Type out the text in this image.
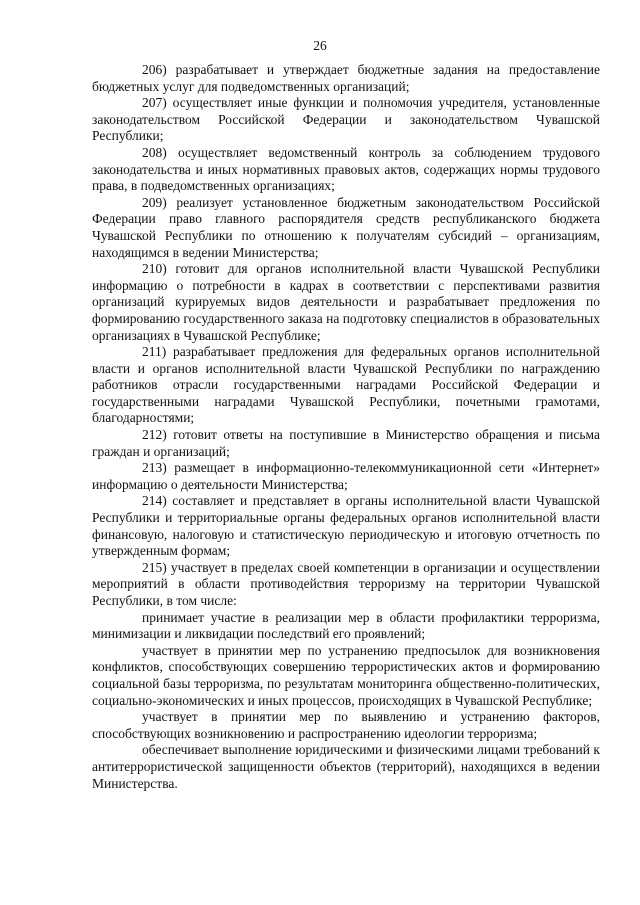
26

206) разрабатывает и утверждает бюджетные задания на предоставление бюджетных услуг для подведомственных организаций;

207) осуществляет иные функции и полномочия учредителя, установленные законодательством Российской Федерации и законодательством Чувашской Республики;

208) осуществляет ведомственный контроль за соблюдением трудового законодательства и иных нормативных правовых актов, содержащих нормы трудового права, в подведомственных организациях;

209) реализует установленное бюджетным законодательством Российской Федерации право главного распорядителя средств республиканского бюджета Чувашской Республики по отношению к получателям субсидий – организациям, находящимся в ведении Министерства;

210) готовит для органов исполнительной власти Чувашской Республики информацию о потребности в кадрах в соответствии с перспективами развития организаций курируемых видов деятельности и разрабатывает предложения по формированию государственного заказа на подготовку специалистов в образовательных организациях в Чувашской Республике;

211) разрабатывает предложения для федеральных органов исполнительной власти и органов исполнительной власти Чувашской Республики по награждению работников отрасли государственными наградами Российской Федерации и государственными наградами Чувашской Республики, почетными грамотами, благодарностями;

212) готовит ответы на поступившие в Министерство обращения и письма граждан и организаций;

213) размещает в информационно-телекоммуникационной сети «Интернет» информацию о деятельности Министерства;

214) составляет и представляет в органы исполнительной власти Чувашской Республики и территориальные органы федеральных органов исполнительной власти финансовую, налоговую и статистическую периодическую и итоговую отчетность по утвержденным формам;

215) участвует в пределах своей компетенции в организации и осуществлении мероприятий в области противодействия терроризму на территории Чувашской Республики, в том числе:

принимает участие в реализации мер в области профилактики терроризма, минимизации и ликвидации последствий его проявлений;

участвует в принятии мер по устранению предпосылок для возникновения конфликтов, способствующих совершению террористических актов и формированию социальной базы терроризма, по результатам мониторинга общественно-политических, социально-экономических и иных процессов, происходящих в Чувашской Республике;

участвует в принятии мер по выявлению и устранению факторов, способствующих возникновению и распространению идеологии терроризма;

обеспечивает выполнение юридическими и физическими лицами требований к антитеррористической защищенности объектов (территорий), находящихся в ведении Министерства.
